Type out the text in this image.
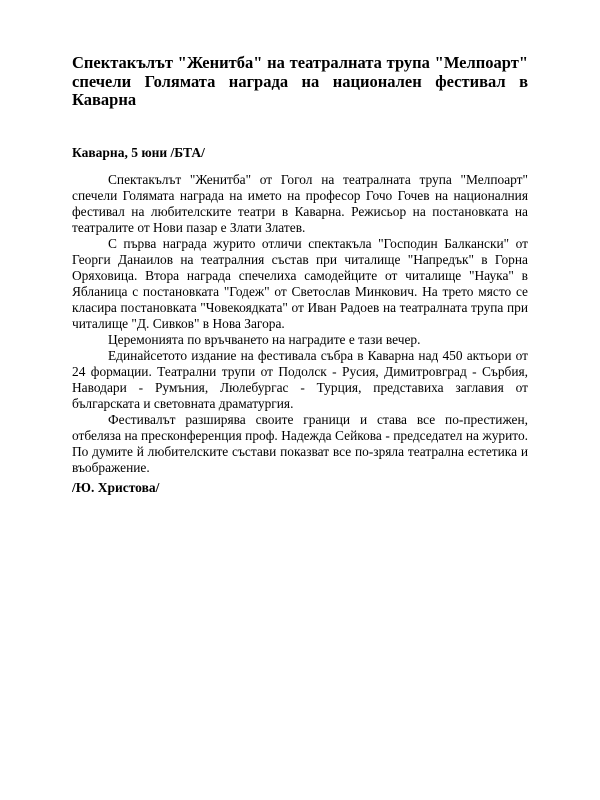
Спектакълът "Женитба" на театралната трупа "Мелпоарт" спечели Голямата награда на национален фестивал в Каварна

Каварна, 5 юни /БТА/

Спектакълът "Женитба" от Гогол на театралната трупа "Мелпоарт" спечели Голямата награда на името на професор Гочо Гочев на националния фестивал на любителските театри в Каварна. Режисьор на постановката на театралите от Нови пазар е Злати Златев.

С първа награда журито отличи спектакъла "Господин Балкански" от Георги Данаилов на театралния състав при читалище "Напредък" в Горна Оряховица. Втора награда спечелиха самодейците от читалище "Наука" в Ябланица с постановката "Годеж" от Светослав Минкович. На трето място се класира постановката "Човекоядката" от Иван Радоев на театралната трупа при читалище "Д. Сивков" в Нова Загора.

Церемонията по връчването на наградите е тази вечер.

Единайсетото издание на фестивала събра в Каварна над 450 актьори от 24 формации. Театрални трупи от Подолск - Русия, Димитровград - Сърбия, Наводари - Румъния, Люлебургас - Турция, представиха заглавия от българската и световната драматургия.

Фестивалът разширява своите граници и става все по-престижен, отбеляза на пресконференция проф. Надежда Сейкова - председател на журито. По думите й любителските състави показват все по-зряла театрална естетика и въображение.

/Ю. Христова/
